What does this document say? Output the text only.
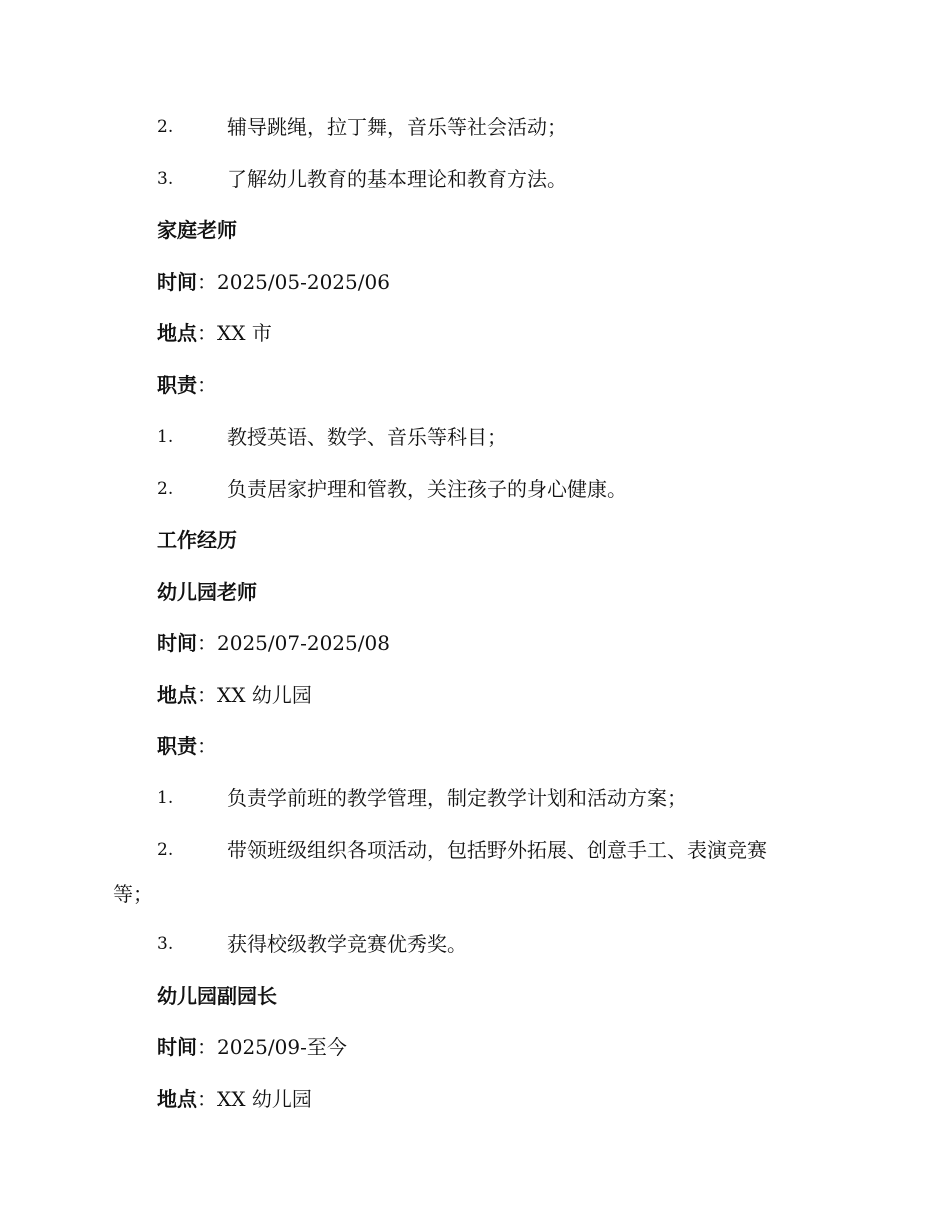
2.	辅导跳绳，拉丁舞，音乐等社会活动；
3.	了解幼儿教育的基本理论和教育方法。
家庭老师
时间：2025/05-2025/06
地点：XX 市
职责：
1.	教授英语、数学、音乐等科目；
2.	负责居家护理和管教，关注孩子的身心健康。
工作经历
幼儿园老师
时间：2025/07-2025/08
地点：XX 幼儿园
职责：
1.	负责学前班的教学管理，制定教学计划和活动方案；
2.	带领班级组织各项活动，包括野外拓展、创意手工、表演竞赛
等；
3.	获得校级教学竞赛优秀奖。
幼儿园副园长
时间：2025/09-至今
地点：XX 幼儿园
